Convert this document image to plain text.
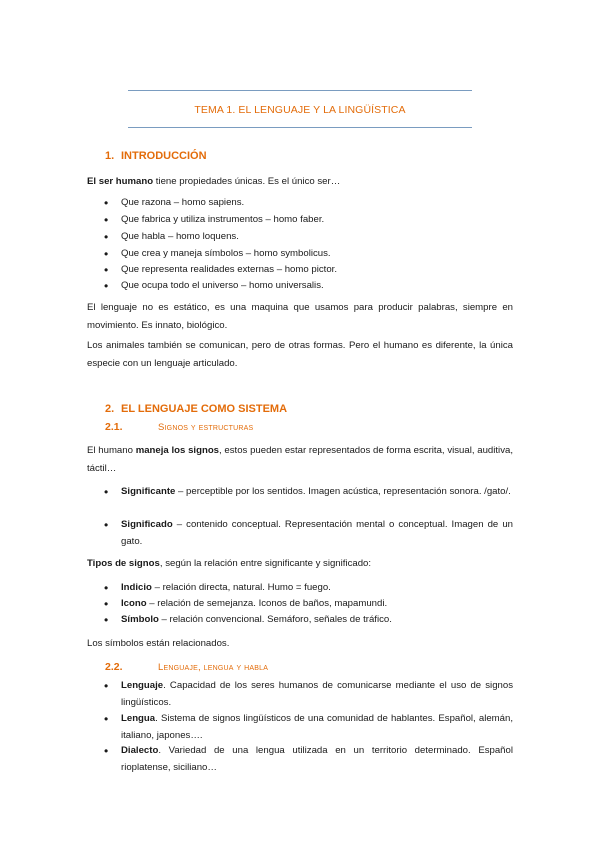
TEMA 1. EL LENGUAJE Y LA LINGÜÍSTICA
1. INTRODUCCIÓN
El ser humano tiene propiedades únicas. Es el único ser…
• Que razona – homo sapiens.
• Que fabrica y utiliza instrumentos – homo faber.
• Que habla – homo loquens.
• Que crea y maneja símbolos – homo symbolicus.
• Que representa realidades externas – homo pictor.
• Que ocupa todo el universo – homo universalis.
El lenguaje no es estático, es una maquina que usamos para producir palabras, siempre en movimiento. Es innato, biológico.
Los animales también se comunican, pero de otras formas. Pero el humano es diferente, la única especie con un lenguaje articulado.
2. EL LENGUAJE COMO SISTEMA
2.1.	Signos y estructuras
El humano maneja los signos, estos pueden estar representados de forma escrita, visual, auditiva, táctil…
• Significante – perceptible por los sentidos. Imagen acústica, representación sonora. /gato/.
• Significado – contenido conceptual. Representación mental o conceptual. Imagen de un gato.
Tipos de signos, según la relación entre significante y significado:
• Indicio – relación directa, natural. Humo = fuego.
• Icono – relación de semejanza. Iconos de baños, mapamundi.
• Símbolo – relación convencional. Semáforo, señales de tráfico.
Los símbolos están relacionados.
2.2.	Lenguaje, lengua y habla
• Lenguaje. Capacidad de los seres humanos de comunicarse mediante el uso de signos lingüísticos.
• Lengua. Sistema de signos lingüísticos de una comunidad de hablantes. Español, alemán, italiano, japones….
• Dialecto. Variedad de una lengua utilizada en un territorio determinado. Español rioplatense, siciliano…
